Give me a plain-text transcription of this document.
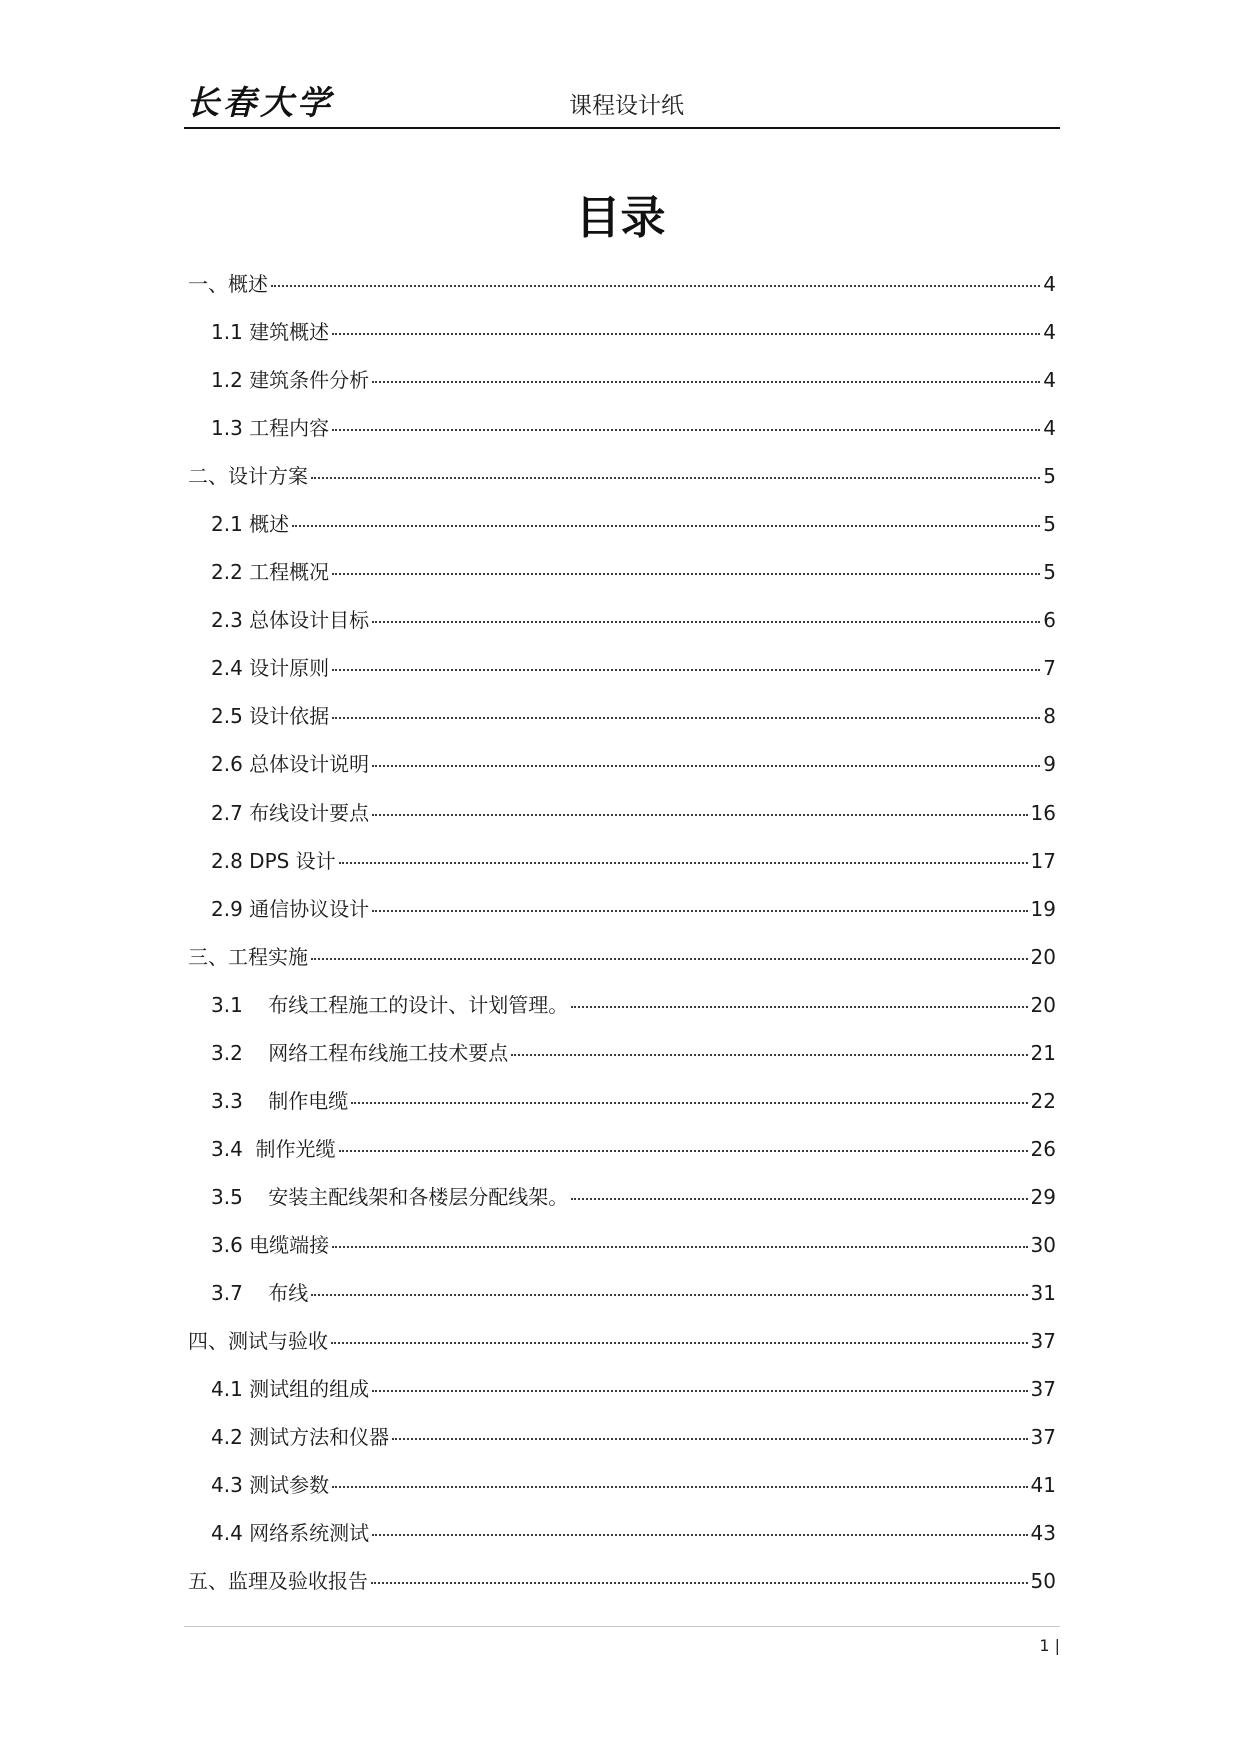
长春大学	课程设计纸
目录
一、概述	4
1.1 建筑概述	4
1.2 建筑条件分析	4
1.3 工程内容	4
二、设计方案	5
2.1 概述	5
2.2 工程概况	5
2.3 总体设计目标	6
2.4 设计原则	7
2.5 设计依据	8
2.6 总体设计说明	9
2.7 布线设计要点	16
2.8 DPS 设计	17
2.9 通信协议设计	19
三、工程实施	20
3.1    布线工程施工的设计、计划管理。	20
3.2    网络工程布线施工技术要点	21
3.3    制作电缆	22
3.4  制作光缆	26
3.5    安装主配线架和各楼层分配线架。	29
3.6 电缆端接	30
3.7    布线	31
四、测试与验收	37
4.1 测试组的组成	37
4.2 测试方法和仪器	37
4.3 测试参数	41
4.4 网络系统测试	43
五、监理及验收报告	50
1 |
